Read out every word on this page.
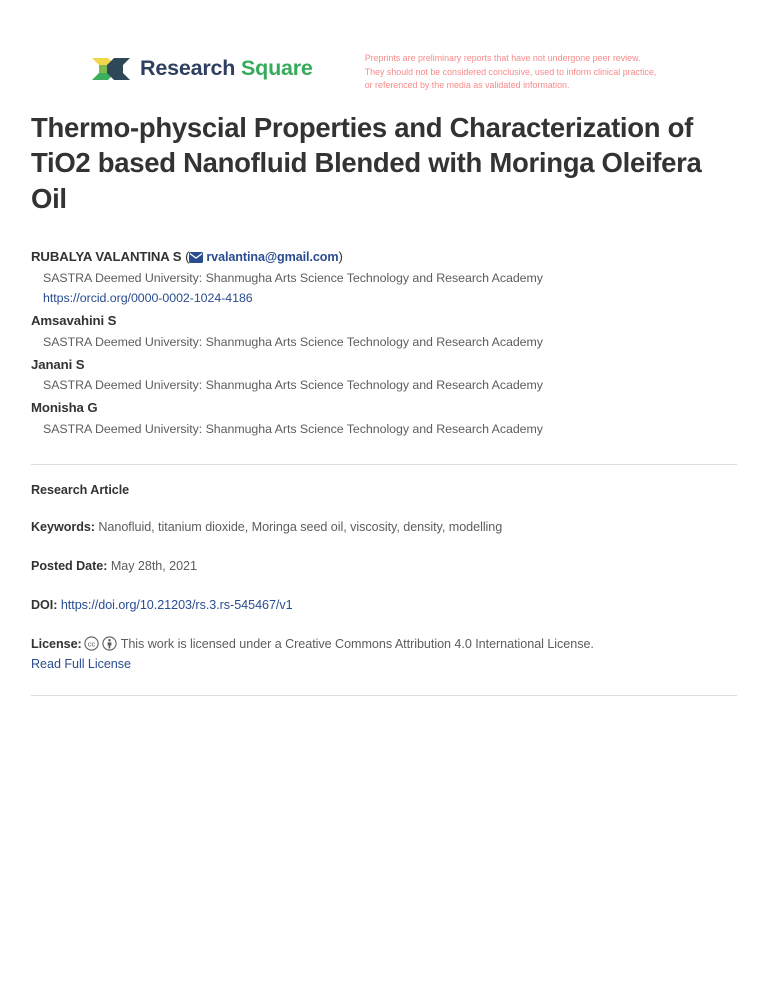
Research Square	Preprints are preliminary reports that have not undergone peer review.
They should not be considered conclusive, used to inform clinical practice,
or referenced by the media as validated information.
Thermo-physcial Properties and Characterization of TiO2 based Nanofluid Blended with Moringa Oleifera Oil
RUBALYA VALANTINA S ( rvalantina@gmail.com)
SASTRA Deemed University: Shanmugha Arts Science Technology and Research Academy
https://orcid.org/0000-0002-1024-4186
Amsavahini S
SASTRA Deemed University: Shanmugha Arts Science Technology and Research Academy
Janani S
SASTRA Deemed University: Shanmugha Arts Science Technology and Research Academy
Monisha G
SASTRA Deemed University: Shanmugha Arts Science Technology and Research Academy
Research Article
Keywords: Nanofluid, titanium dioxide, Moringa seed oil, viscosity, density, modelling
Posted Date: May 28th, 2021
DOI: https://doi.org/10.21203/rs.3.rs-545467/v1
License: cc This work is licensed under a Creative Commons Attribution 4.0 International License.
Read Full License
